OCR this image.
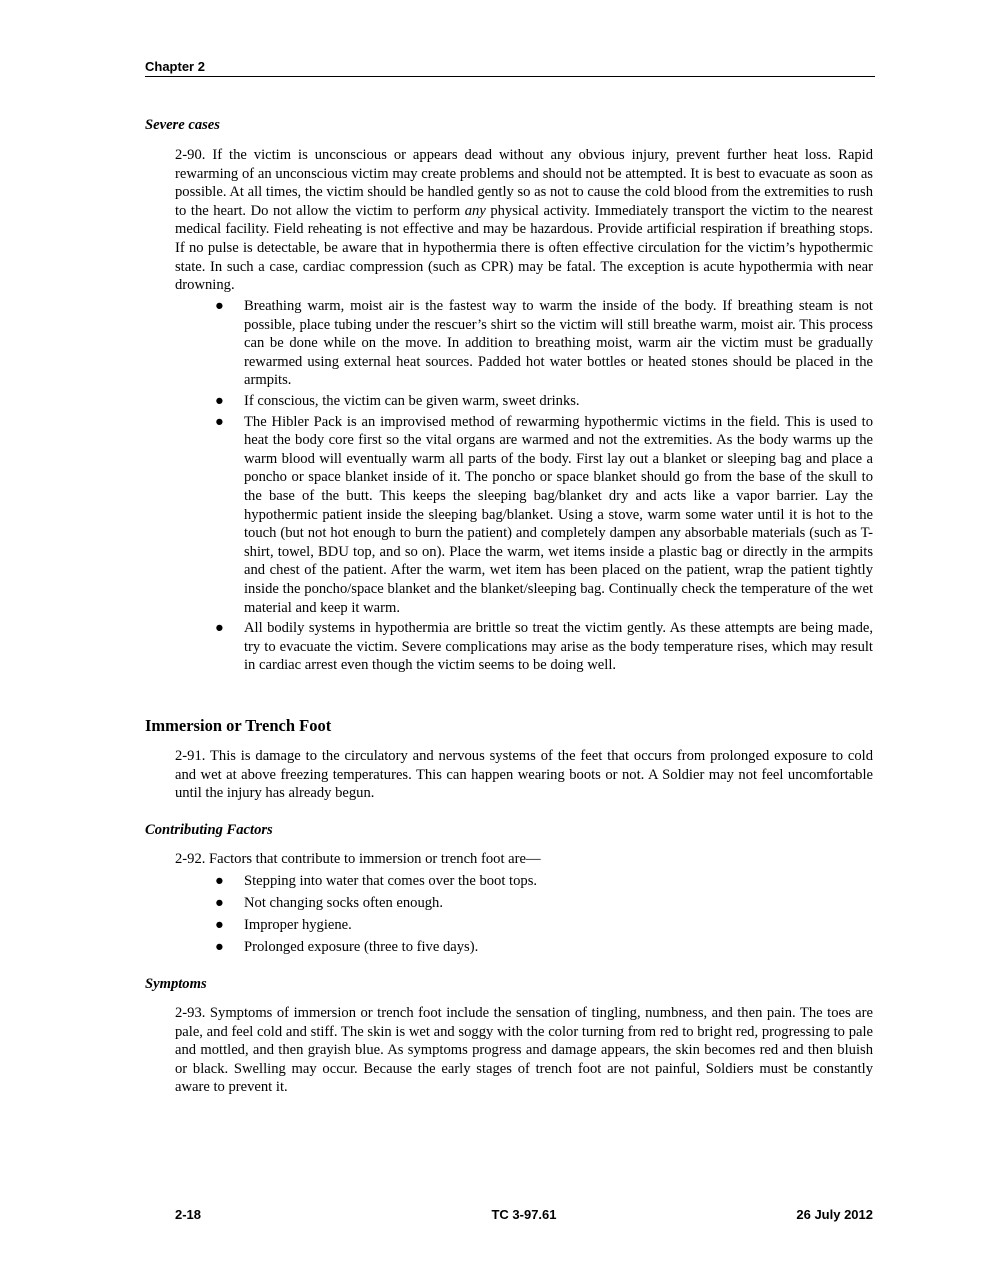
Chapter 2
Severe cases

2-90. If the victim is unconscious or appears dead without any obvious injury, prevent further heat loss. Rapid rewarming of an unconscious victim may create problems and should not be attempted. It is best to evacuate as soon as possible. At all times, the victim should be handled gently so as not to cause the cold blood from the extremities to rush to the heart. Do not allow the victim to perform any physical activity. Immediately transport the victim to the nearest medical facility. Field reheating is not effective and may be hazardous. Provide artificial respiration if breathing stops. If no pulse is detectable, be aware that in hypothermia there is often effective circulation for the victim’s hypothermic state. In such a case, cardiac compression (such as CPR) may be fatal. The exception is acute hypothermia with near drowning.

● Breathing warm, moist air is the fastest way to warm the inside of the body. If breathing steam is not possible, place tubing under the rescuer’s shirt so the victim will still breathe warm, moist air. This process can be done while on the move. In addition to breathing moist, warm air the victim must be gradually rewarmed using external heat sources. Padded hot water bottles or heated stones should be placed in the armpits.
● If conscious, the victim can be given warm, sweet drinks.
● The Hibler Pack is an improvised method of rewarming hypothermic victims in the field. This is used to heat the body core first so the vital organs are warmed and not the extremities. As the body warms up the warm blood will eventually warm all parts of the body. First lay out a blanket or sleeping bag and place a poncho or space blanket inside of it. The poncho or space blanket should go from the base of the skull to the base of the butt. This keeps the sleeping bag/blanket dry and acts like a vapor barrier. Lay the hypothermic patient inside the sleeping bag/blanket. Using a stove, warm some water until it is hot to the touch (but not hot enough to burn the patient) and completely dampen any absorbable materials (such as T-shirt, towel, BDU top, and so on). Place the warm, wet items inside a plastic bag or directly in the armpits and chest of the patient. After the warm, wet item has been placed on the patient, wrap the patient tightly inside the poncho/space blanket and the blanket/sleeping bag. Continually check the temperature of the wet material and keep it warm.
● All bodily systems in hypothermia are brittle so treat the victim gently. As these attempts are being made, try to evacuate the victim. Severe complications may arise as the body temperature rises, which may result in cardiac arrest even though the victim seems to be doing well.
Immersion or Trench Foot

2-91. This is damage to the circulatory and nervous systems of the feet that occurs from prolonged exposure to cold and wet at above freezing temperatures. This can happen wearing boots or not. A Soldier may not feel uncomfortable until the injury has already begun.

Contributing Factors

2-92. Factors that contribute to immersion or trench foot are—

● Stepping into water that comes over the boot tops.
● Not changing socks often enough.
● Improper hygiene.
● Prolonged exposure (three to five days).
Symptoms

2-93. Symptoms of immersion or trench foot include the sensation of tingling, numbness, and then pain. The toes are pale, and feel cold and stiff. The skin is wet and soggy with the color turning from red to bright red, progressing to pale and mottled, and then grayish blue. As symptoms progress and damage appears, the skin becomes red and then bluish or black. Swelling may occur. Because the early stages of trench foot are not painful, Soldiers must be constantly aware to prevent it.

2-18	TC 3-97.61	26 July 2012
